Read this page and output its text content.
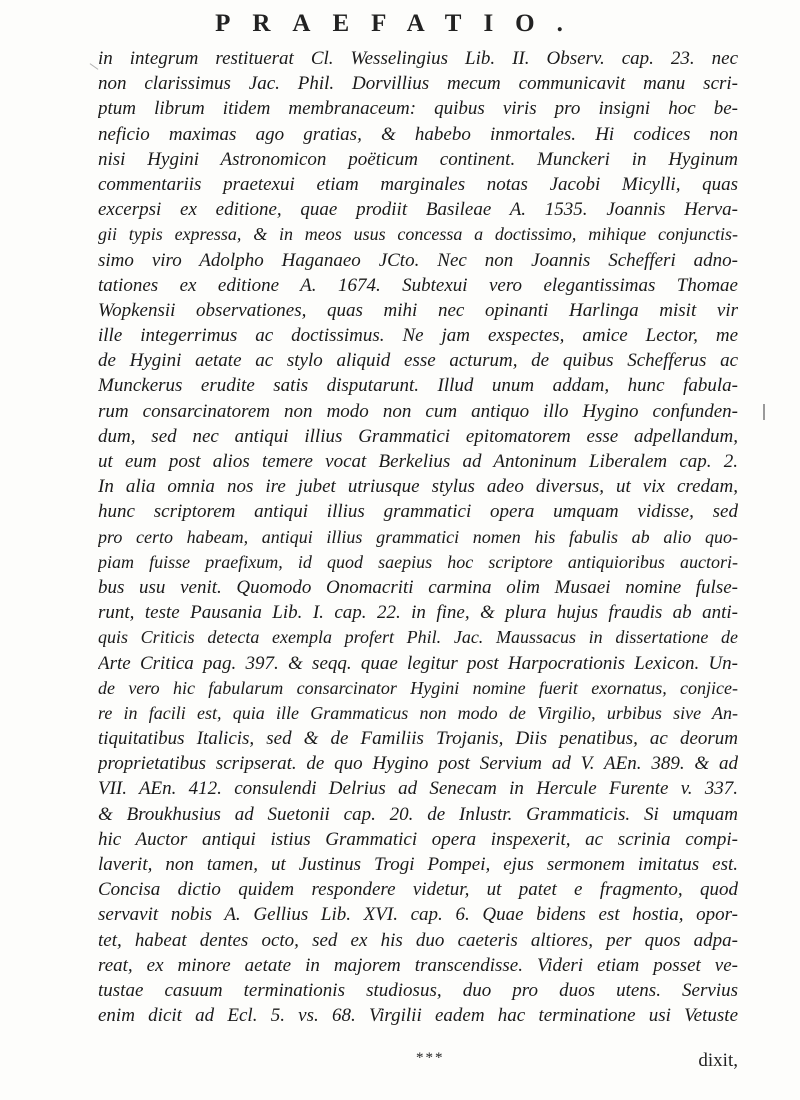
PRAEFATIO.
in integrum restituerat Cl. Wesselingius Lib. II. Observ. cap. 23. nec
non clarissimus Jac. Phil. Dorvillius mecum communicavit manu scri-
ptum librum itidem membranaceum: quibus viris pro insigni hoc be-
neficio maximas ago gratias, & habebo inmortales. Hi codices non
nisi Hygini Astronomicon poëticum continent. Munckeri in Hyginum
commentariis praetexui etiam marginales notas Jacobi Micylli, quas
excerpsi ex editione, quae prodiit Basileae A. 1535. Joannis Herva-
gii typis expressa, & in meos usus concessa a doctissimo, mihique conjunctis-
simo viro Adolpho Haganaeo JCto. Nec non Joannis Schefferi adno-
tationes ex editione A. 1674. Subtexui vero elegantissimas Thomae
Wopkensii observationes, quas mihi nec opinanti Harlinga misit vir
ille integerrimus ac doctissimus. Ne jam exspectes, amice Lector, me
de Hygini aetate ac stylo aliquid esse acturum, de quibus Schefferus ac
Munckerus erudite satis disputarunt. Illud unum addam, hunc fabula-
rum consarcinatorem non modo non cum antiquo illo Hygino confunden-
dum, sed nec antiqui illius Grammatici epitomatorem esse adpellandum,
ut eum post alios temere vocat Berkelius ad Antoninum Liberalem cap. 2.
In alia omnia nos ire jubet utriusque stylus adeo diversus, ut vix credam,
hunc scriptorem antiqui illius grammatici opera umquam vidisse, sed
pro certo habeam, antiqui illius grammatici nomen his fabulis ab alio quo-
piam fuisse praefixum, id quod saepius hoc scriptore antiquioribus auctori-
bus usu venit. Quomodo Onomacriti carmina olim Musaei nomine fulse-
runt, teste Pausania Lib. I. cap. 22. in fine, & plura hujus fraudis ab anti-
quis Criticis detecta exempla profert Phil. Jac. Maussacus in dissertatione de
Arte Critica pag. 397. & seqq. quae legitur post Harpocrationis Lexicon. Un-
de vero hic fabularum consarcinator Hygini nomine fuerit exornatus, conjice-
re in facili est, quia ille Grammaticus non modo de Virgilio, urbibus sive An-
tiquitatibus Italicis, sed & de Familiis Trojanis, Diis penatibus, ac deorum
proprietatibus scripserat. de quo Hygino post Servium ad V. AEn. 389. & ad
VII. AEn. 412. consulendi Delrius ad Senecam in Hercule Furente v. 337.
& Broukhusius ad Suetonii cap. 20. de Inlustr. Grammaticis. Si umquam
hic Auctor antiqui istius Grammatici opera inspexerit, ac scrinia compi-
laverit, non tamen, ut Justinus Trogi Pompei, ejus sermonem imitatus est.
Concisa dictio quidem respondere videtur, ut patet e fragmento, quod
servavit nobis A. Gellius Lib. XVI. cap. 6. Quae bidens est hostia, opor-
tet, habeat dentes octo, sed ex his duo caeteris altiores, per quos adpa-
reat, ex minore aetate in majorem transcendisse. Videri etiam posset ve-
tustae casuum terminationis studiosus, duo pro duos utens. Servius
enim dicit ad Ecl. 5. vs. 68. Virgilii eadem hac terminatione usi Vetuste
***	dixit,
